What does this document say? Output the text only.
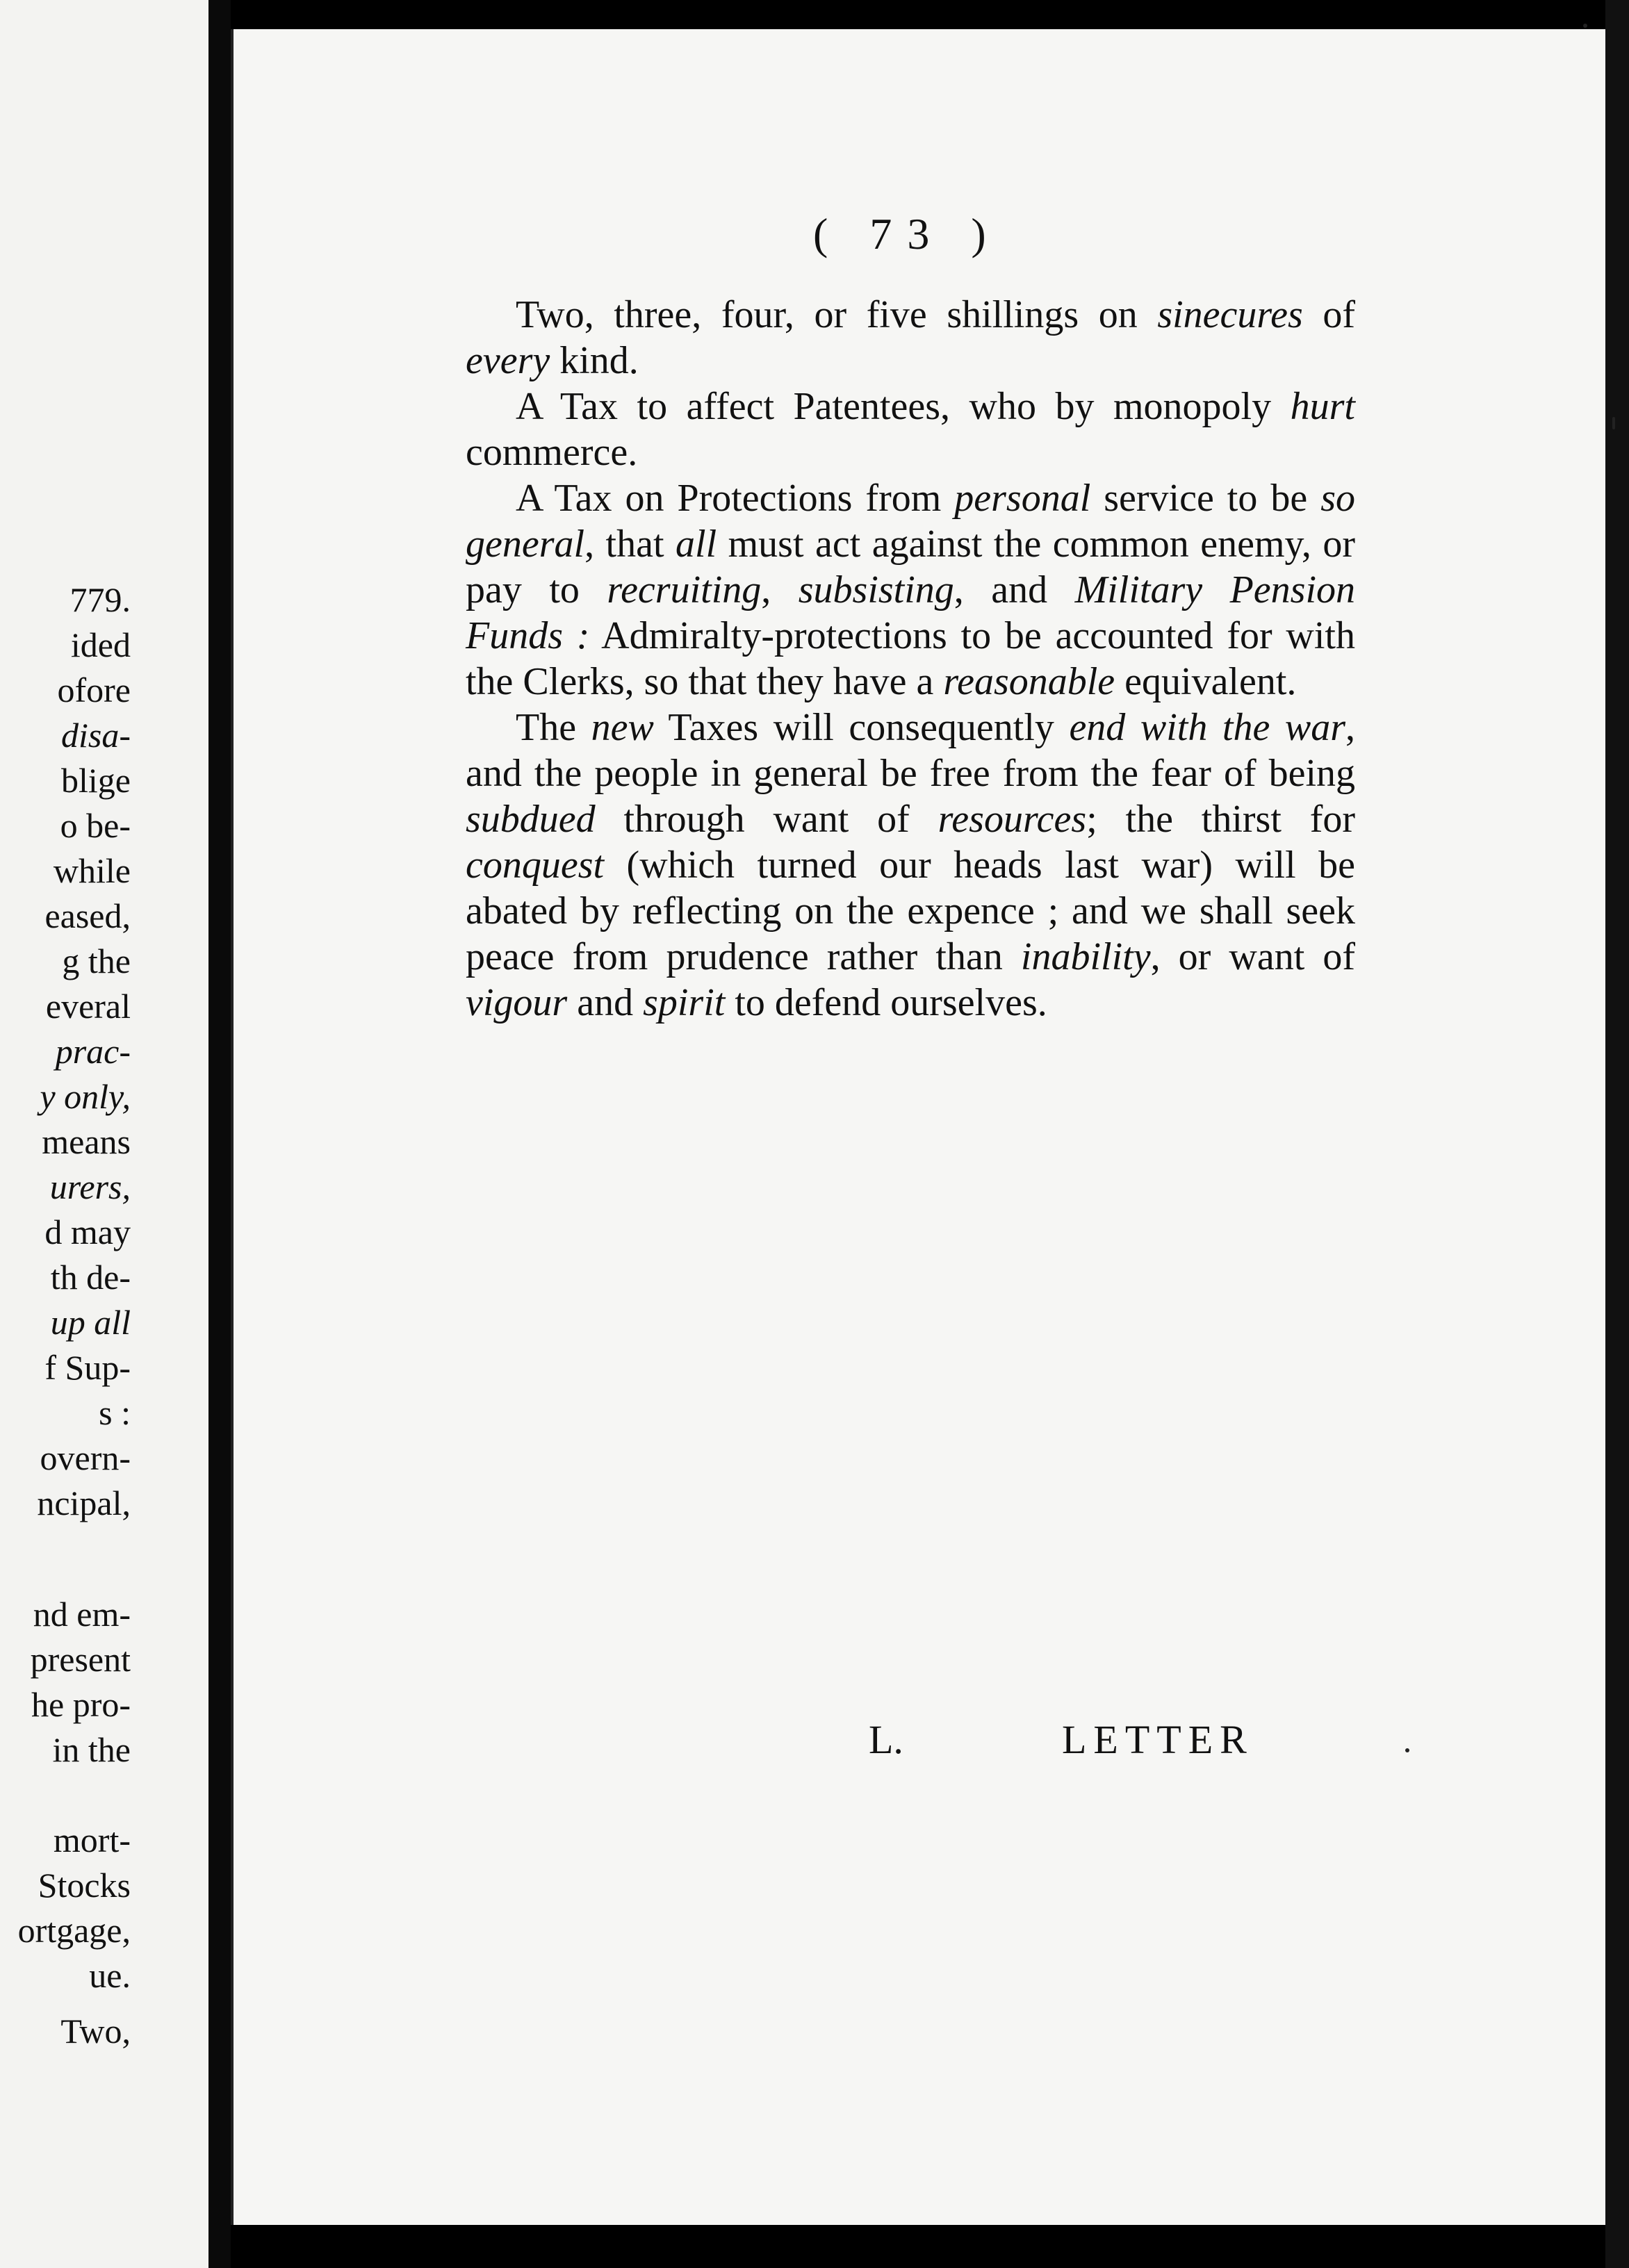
779.
ided
ofore
disa-
blige
o be-
while
eased,
g the
everal
prac-
y only,
means
urers,
d may
th de-
up all
f Sup-
s :
overn-
ncipal,
nd em-
present
he pro-
in the
mort-
Stocks
ortgage,
ue.
Two,
( 73 )

Two, three, four, or five shillings on sinecures of every kind.

A Tax to affect Patentees, who by monopoly hurt commerce.

A Tax on Protections from personal service to be so general, that all must act against the common enemy, or pay to recruiting, subsisting, and Military Pension Funds : Admiralty-protections to be accounted for with the Clerks, so that they have a reasonable equivalent.

The new Taxes will consequently end with the war, and the people in general be free from the fear of being subdued through want of resources; the thirst for conquest (which turned our heads last war) will be abated by reflecting on the expence ; and we shall seek peace from prudence rather than inability, or want of vigour and spirit to defend ourselves.

L.	LETTER
